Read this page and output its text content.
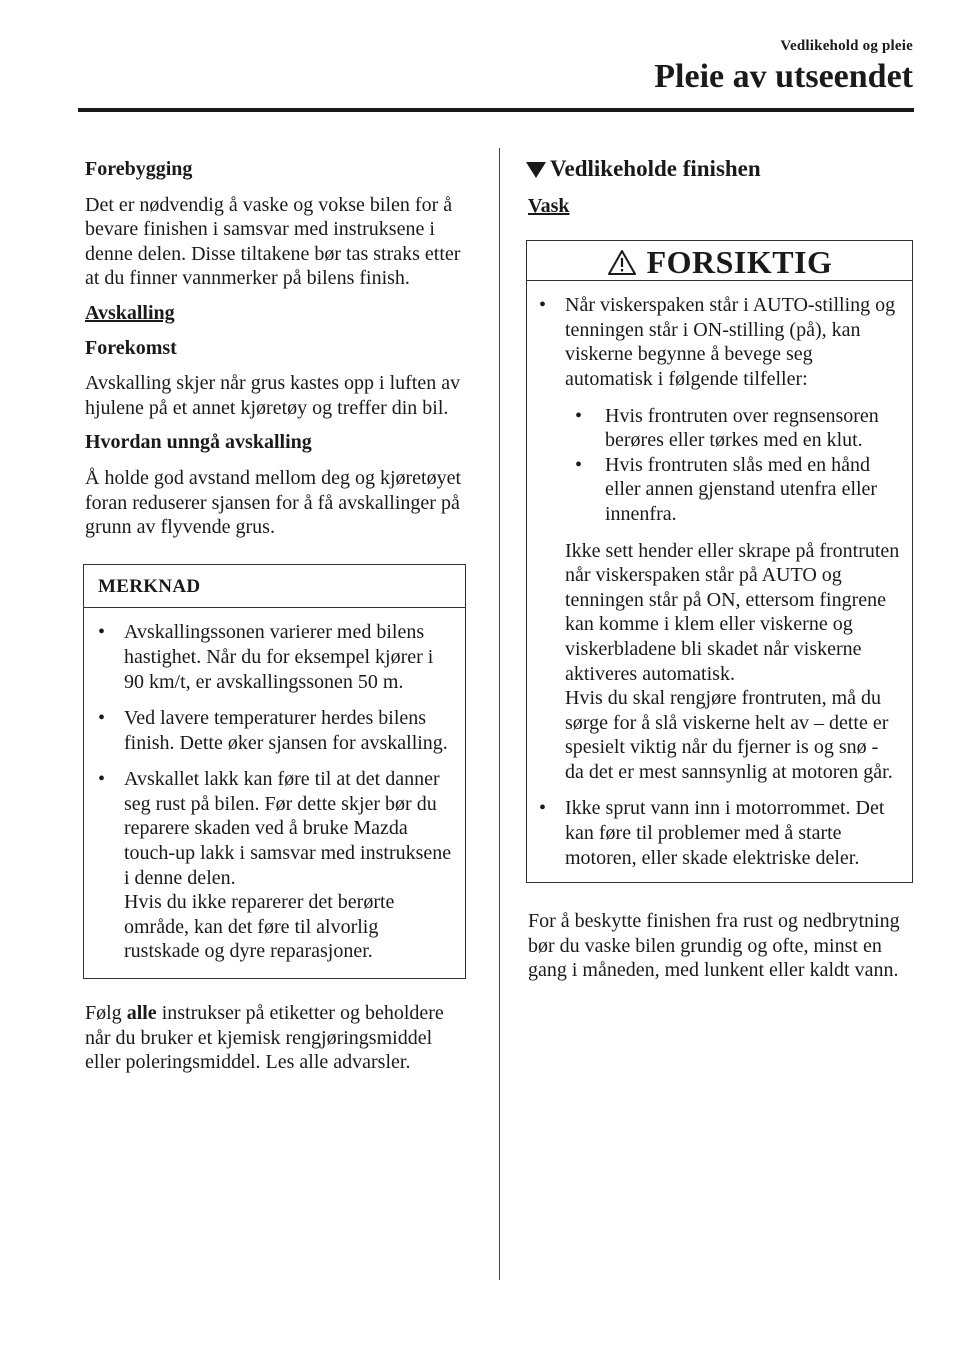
Vedlikehold og pleie
Pleie av utseendet
Forebygging

Det er nødvendig å vaske og vokse bilen for å bevare finishen i samsvar med instruksene i denne delen. Disse tiltakene bør tas straks etter at du finner vannmerker på bilens finish.

Avskalling
Forekomst

Avskalling skjer når grus kastes opp i luften av hjulene på et annet kjøretøy og treffer din bil.

Hvordan unngå avskalling

Å holde god avstand mellom deg og kjøretøyet foran reduserer sjansen for å få avskallinger på grunn av flyvende grus.

MERKNAD
• Avskallingssonen varierer med bilens hastighet. Når du for eksempel kjører i 90 km/t, er avskallingssonen 50 m.
• Ved lavere temperaturer herdes bilens finish. Dette øker sjansen for avskalling.
• Avskallet lakk kan føre til at det danner seg rust på bilen. Før dette skjer bør du reparere skaden ved å bruke Mazda touch-up lakk i samsvar med instruksene i denne delen.
Hvis du ikke reparerer det berørte område, kan det føre til alvorlig rustskade og dyre reparasjoner.

Følg alle instrukser på etiketter og beholdere når du bruker et kjemisk rengjøringsmiddel eller poleringsmiddel. Les alle advarsler.

Vedlikeholde finishen
Vask
FORSIKTIG
• Når viskerspaken står i AUTO-stilling og tenningen står i ON-stilling (på), kan viskerne begynne å bevege seg automatisk i følgende tilfeller:
•	Hvis frontruten over regnsensoren berøres eller tørkes med en klut.
•	Hvis frontruten slås med en hånd eller annen gjenstand utenfra eller innenfra.

Ikke sett hender eller skrape på frontruten når viskerspaken står på AUTO og tenningen står på ON, ettersom fingrene kan komme i klem eller viskerne og viskerbladene bli skadet når viskerne aktiveres automatisk.

Hvis du skal rengjøre frontruten, må du sørge for å slå viskerne helt av – dette er spesielt viktig når du fjerner is og snø - da det er mest sannsynlig at motoren går.

• Ikke sprut vann inn i motorrommet. Det kan føre til problemer med å starte motoren, eller skade elektriske deler.

For å beskytte finishen fra rust og nedbrytning bør du vaske bilen grundig og ofte, minst en gang i måneden, med lunkent eller kaldt vann.
